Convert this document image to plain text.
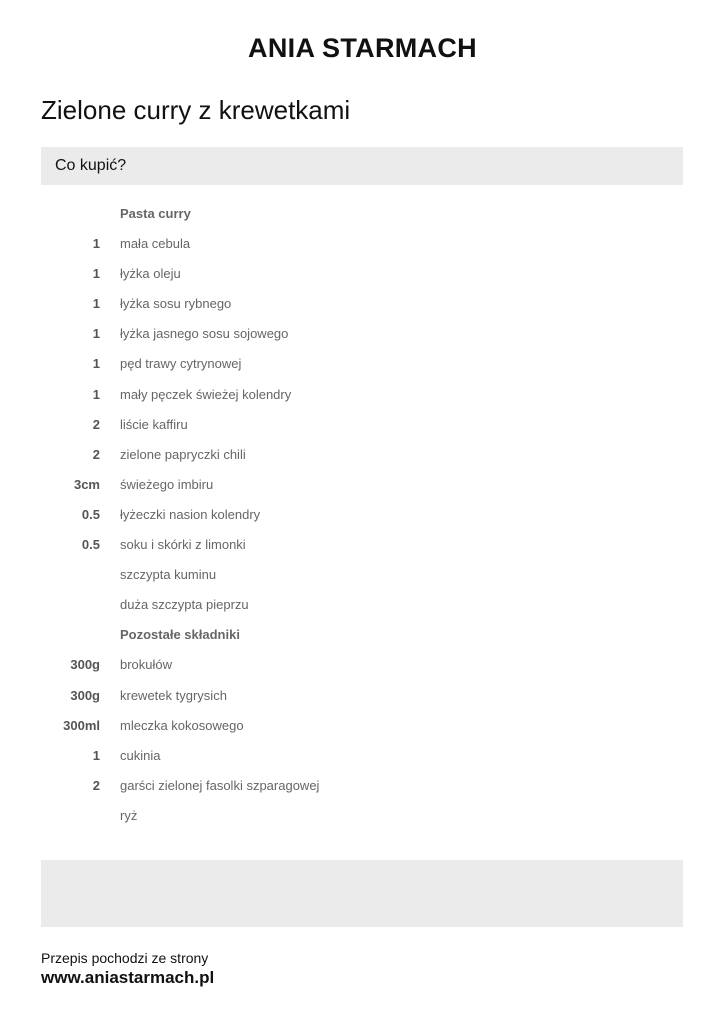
ANIA STARMACH
Zielone curry z krewetkami
Co kupić?
Pasta curry
1 mała cebula
1 łyżka oleju
1 łyżka sosu rybnego
1 łyżka jasnego sosu sojowego
1 pęd trawy cytrynowej
1 mały pęczek świeżej kolendry
2 liście kaffiru
2 zielone papryczki chili
3cm świeżego imbiru
0.5 łyżeczki nasion kolendry
0.5 soku i skórki z limonki
szczypta kuminu
duża szczypta pieprzu
Pozostałe składniki
300g brokułów
300g krewetek tygrysich
300ml mleczka kokosowego
1 cukinia
2 garści zielonej fasolki szparagowej
ryż
Przepis pochodzi ze strony
www.aniastarmach.pl
